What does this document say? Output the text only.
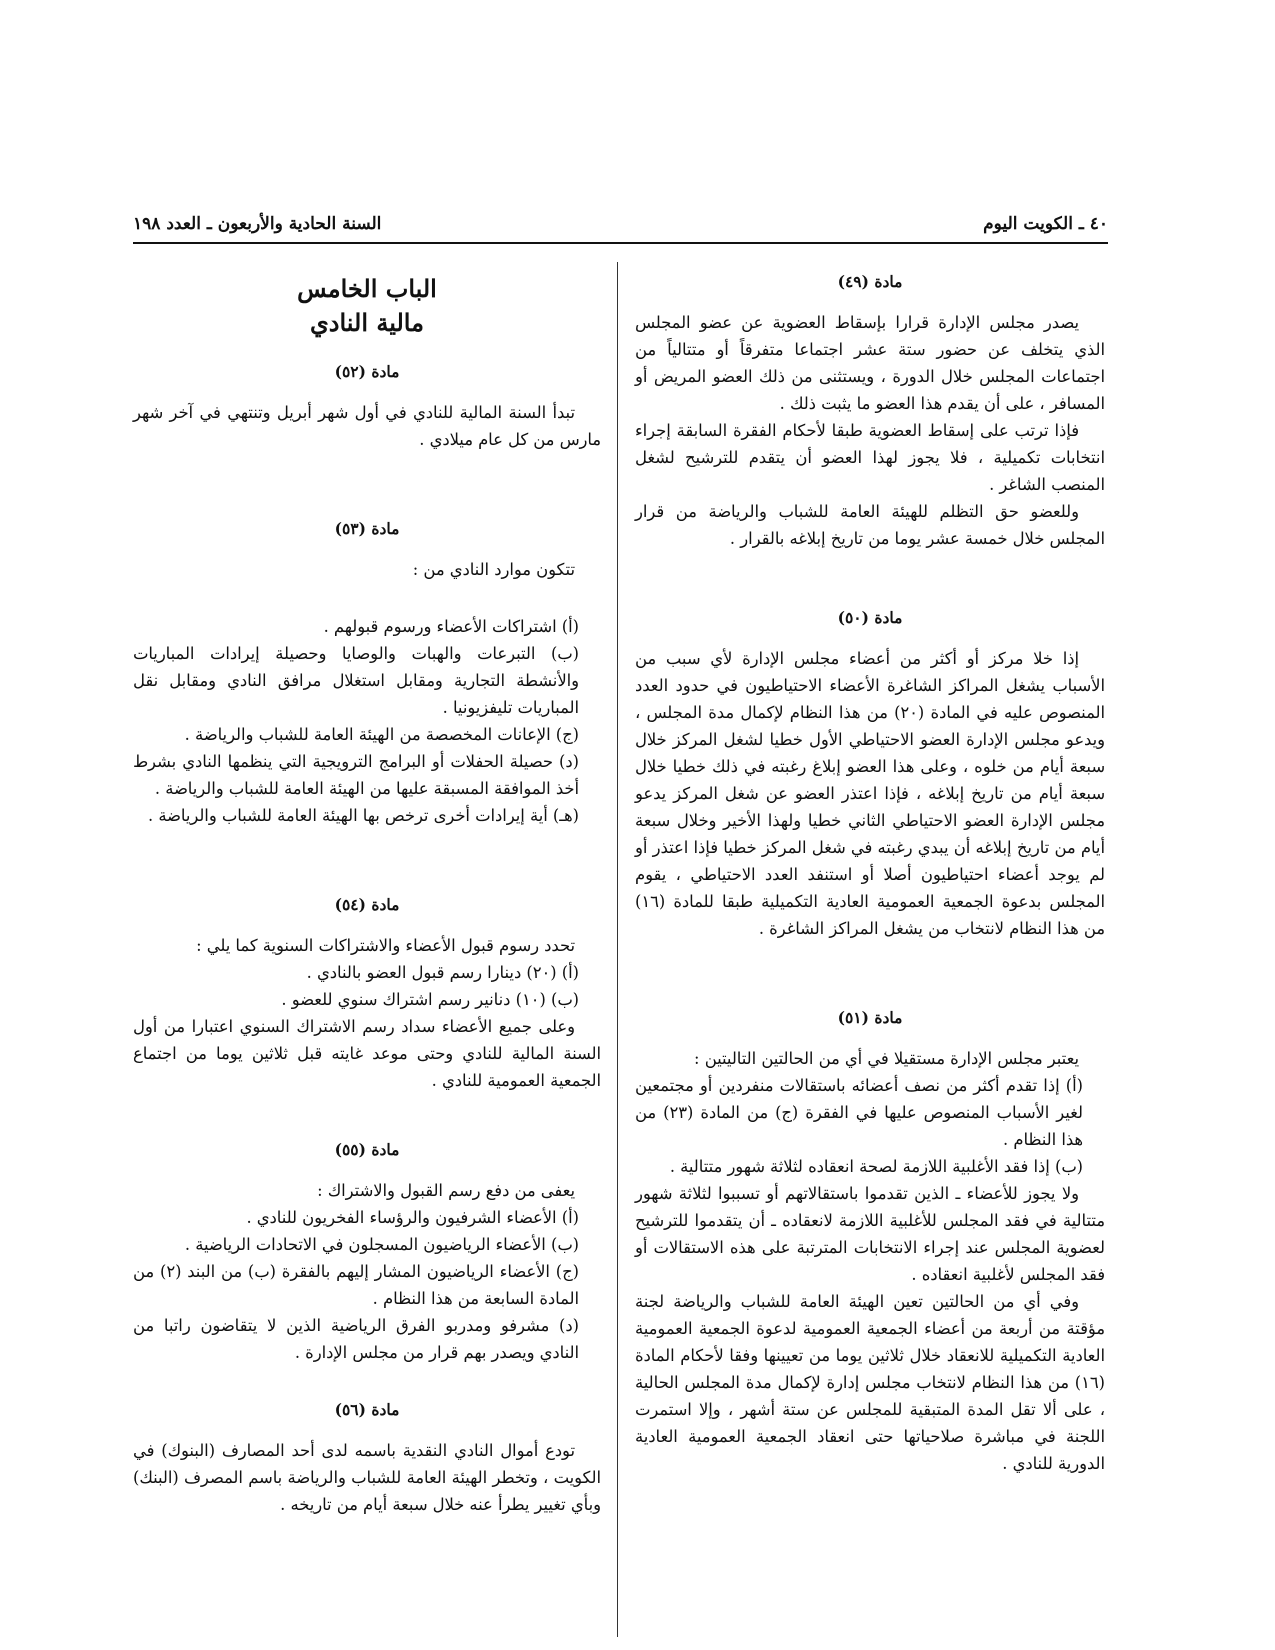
٤٠ ـ الكويت اليوم
السنة الحادية والأربعون ـ العدد ١٩٨
مادة (٤٩)

يصدر مجلس الإدارة قرارا بإسقاط العضوية عن عضو المجلس الذي يتخلف عن حضور ستة عشر اجتماعا متفرقاً أو متتالياً من اجتماعات المجلس خلال الدورة ، ويستثنى من ذلك العضو المريض أو المسافر ، على أن يقدم هذا العضو ما يثبت ذلك .

فإذا ترتب على إسقاط العضوية طبقا لأحكام الفقرة السابقة إجراء انتخابات تكميلية ، فلا يجوز لهذا العضو أن يتقدم للترشيح لشغل المنصب الشاغر .

وللعضو حق التظلم للهيئة العامة للشباب والرياضة من قرار المجلس خلال خمسة عشر يوما من تاريخ إبلاغه بالقرار .

مادة (٥٠)

إذا خلا مركز أو أكثر من أعضاء مجلس الإدارة لأي سبب من الأسباب يشغل المراكز الشاغرة الأعضاء الاحتياطيون في حدود العدد المنصوص عليه في المادة (٢٠) من هذا النظام لإكمال مدة المجلس ، ويدعو مجلس الإدارة العضو الاحتياطي الأول خطيا لشغل المركز خلال سبعة أيام من خلوه ، وعلى هذا العضو إبلاغ رغبته في ذلك خطيا خلال سبعة أيام من تاريخ إبلاغه ، فإذا اعتذر العضو عن شغل المركز يدعو مجلس الإدارة العضو الاحتياطي الثاني خطيا ولهذا الأخير وخلال سبعة أيام من تاريخ إبلاغه أن يبدي رغبته في شغل المركز خطيا فإذا اعتذر أو لم يوجد أعضاء احتياطيون أصلا أو استنفد العدد الاحتياطي ، يقوم المجلس بدعوة الجمعية العمومية العادية التكميلية طبقا للمادة (١٦) من هذا النظام لانتخاب من يشغل المراكز الشاغرة .

مادة (٥١)

يعتبر مجلس الإدارة مستقيلا في أي من الحالتين التاليتين :

(أ) إذا تقدم أكثر من نصف أعضائه باستقالات منفردين أو مجتمعين لغير الأسباب المنصوص عليها في الفقرة (ج) من المادة (٢٣) من هذا النظام .

(ب) إذا فقد الأغلبية اللازمة لصحة انعقاده لثلاثة شهور متتالية .

ولا يجوز للأعضاء ـ الذين تقدموا باستقالاتهم أو تسببوا لثلاثة شهور متتالية في فقد المجلس للأغلبية اللازمة لانعقاده ـ أن يتقدموا للترشيح لعضوية المجلس عند إجراء الانتخابات المترتبة على هذه الاستقالات أو فقد المجلس لأغلبية انعقاده .

وفي أي من الحالتين تعين الهيئة العامة للشباب والرياضة لجنة مؤقتة من أربعة من أعضاء الجمعية العمومية لدعوة الجمعية العمومية العادية التكميلية للانعقاد خلال ثلاثين يوما من تعيينها وفقا لأحكام المادة (١٦) من هذا النظام لانتخاب مجلس إدارة لإكمال مدة المجلس الحالية ، على ألا تقل المدة المتبقية للمجلس عن ستة أشهر ، وإلا استمرت اللجنة في مباشرة صلاحياتها حتى انعقاد الجمعية العمومية العادية الدورية للنادي .

الباب الخامس
مالية النادي
مادة (٥٢)

تبدأ السنة المالية للنادي في أول شهر أبريل وتنتهي في آخر شهر مارس من كل عام ميلادي .

مادة (٥٣)

تتكون موارد النادي من :

(أ) اشتراكات الأعضاء ورسوم قبولهم .

(ب) التبرعات والهبات والوصايا وحصيلة إيرادات المباريات والأنشطة التجارية ومقابل استغلال مرافق النادي ومقابل نقل المباريات تليفزيونيا .

(ج) الإعانات المخصصة من الهيئة العامة للشباب والرياضة .

(د) حصيلة الحفلات أو البرامج الترويجية التي ينظمها النادي بشرط أخذ الموافقة المسبقة عليها من الهيئة العامة للشباب والرياضة .

(هـ) أية إيرادات أخرى ترخص بها الهيئة العامة للشباب والرياضة .

مادة (٥٤)

تحدد رسوم قبول الأعضاء والاشتراكات السنوية كما يلي :

(أ) (٢٠) دينارا رسم قبول العضو بالنادي .

(ب) (١٠) دنانير رسم اشتراك سنوي للعضو .

وعلى جميع الأعضاء سداد رسم الاشتراك السنوي اعتبارا من أول السنة المالية للنادي وحتى موعد غايته قبل ثلاثين يوما من اجتماع الجمعية العمومية للنادي .

مادة (٥٥)

يعفى من دفع رسم القبول والاشتراك :

(أ) الأعضاء الشرفيون والرؤساء الفخريون للنادي .

(ب) الأعضاء الرياضيون المسجلون في الاتحادات الرياضية .

(ج) الأعضاء الرياضيون المشار إليهم بالفقرة (ب) من البند (٢) من المادة السابعة من هذا النظام .

(د) مشرفو ومدربو الفرق الرياضية الذين لا يتقاضون راتبا من النادي ويصدر بهم قرار من مجلس الإدارة .

مادة (٥٦)

تودع أموال النادي النقدية باسمه لدى أحد المصارف (البنوك) في الكويت ، وتخطر الهيئة العامة للشباب والرياضة باسم المصرف (البنك) وبأي تغيير يطرأ عنه خلال سبعة أيام من تاريخه .
